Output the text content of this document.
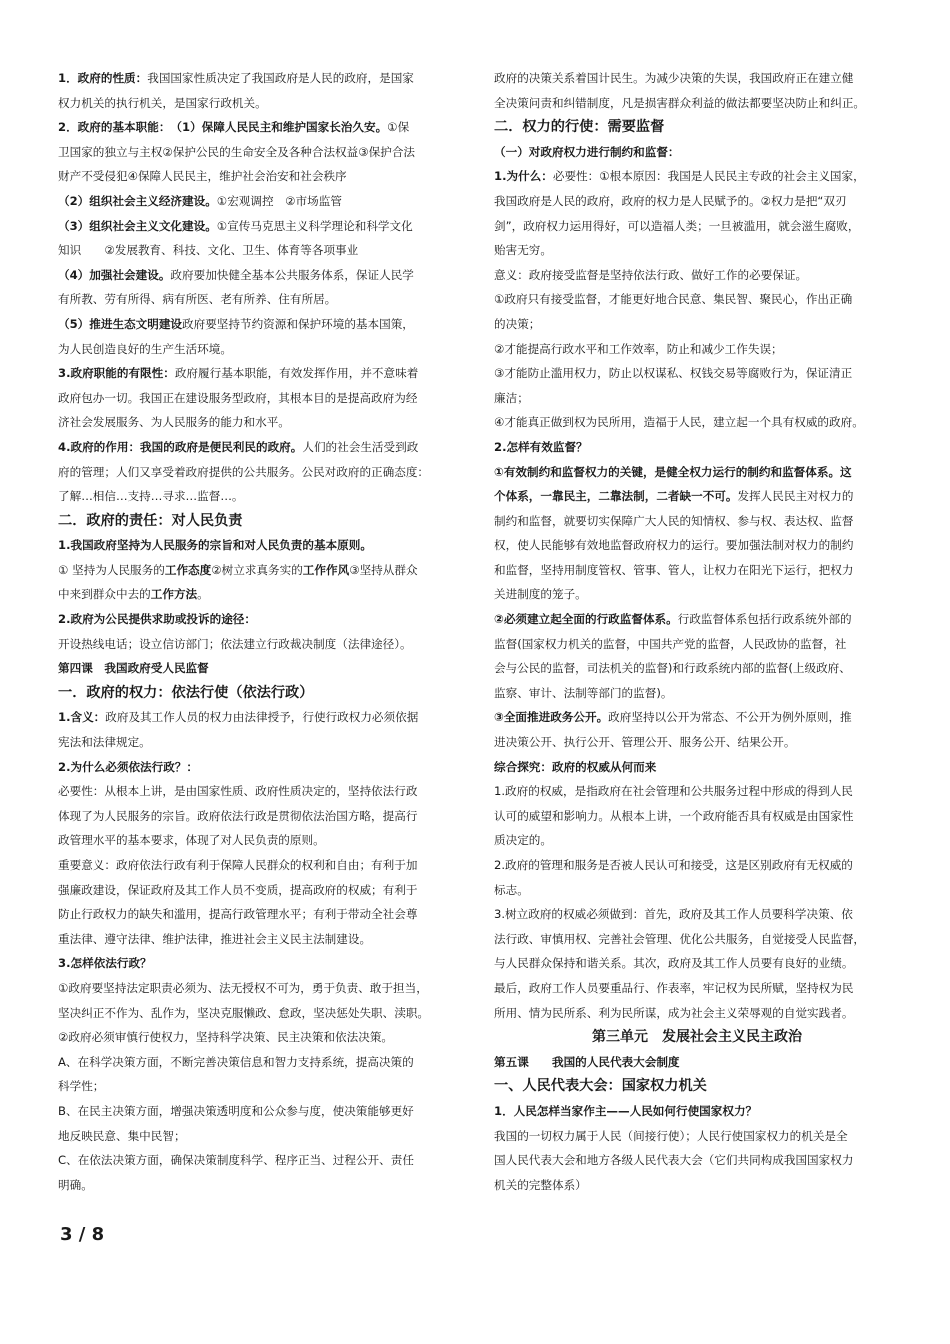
1．政府的性质：我国国家性质决定了我国政府是人民的政府，是国家

权力机关的执行机关，是国家行政机关。

2．政府的基本职能：　（1）保障人民民主和维护国家长治久安。①保

卫国家的独立与主权②保护公民的生命安全及各种合法权益③保护合法

财产不受侵犯④保障人民民主，维护社会治安和社会秩序

（2）组织社会主义经济建设。①宏观调控　②市场监管

（3）组织社会主义文化建设。①宣传马克思主义科学理论和科学文化

知识　　②发展教育、科技、文化、卫生、体育等各项事业

（4）加强社会建设。政府要加快健全基本公共服务体系，保证人民学

有所教、劳有所得、病有所医、老有所养、住有所居。

（5）推进生态文明建设政府要坚持节约资源和保护环境的基本国策，

为人民创造良好的生产生活环境。

3.政府职能的有限性：政府履行基本职能，有效发挥作用，并不意味着

政府包办一切。我国正在建设服务型政府，其根本目的是提高政府为经

济社会发展服务、为人民服务的能力和水平。

4.政府的作用：我国的政府是便民利民的政府。人们的社会生活受到政

府的管理；人们又享受着政府提供的公共服务。公民对政府的正确态度：

了解…相信…支持…寻求…监督…。

二．政府的责任：对人民负责

1.我国政府坚持为人民服务的宗旨和对人民负责的基本原则。

① 坚持为人民服务的工作态度②树立求真务实的工作作风③坚持从群众

中来到群众中去的工作方法。

2.政府为公民提供求助或投诉的途径：

开设热线电话；设立信访部门；依法建立行政裁决制度（法律途径）。

第四课　我国政府受人民监督

一．政府的权力：依法行使（依法行政）

1.含义：政府及其工作人员的权力由法律授予，行使行政权力必须依据

宪法和法律规定。

2.为什么必须依法行政？：

必要性：从根本上讲，是由国家性质、政府性质决定的，坚持依法行政

体现了为人民服务的宗旨。政府依法行政是贯彻依法治国方略，提高行

政管理水平的基本要求，体现了对人民负责的原则。

重要意义：政府依法行政有利于保障人民群众的权利和自由；有利于加

强廉政建设，保证政府及其工作人员不变质，提高政府的权威；有利于

防止行政权力的缺失和滥用，提高行政管理水平；有利于带动全社会尊

重法律、遵守法律、维护法律，推进社会主义民主法制建设。

3.怎样依法行政？

①政府要坚持法定职责必须为、法无授权不可为，勇于负责、敢于担当，

坚决纠正不作为、乱作为，坚决克服懒政、怠政，坚决惩处失职、渎职。

②政府必须审慎行使权力，坚持科学决策、民主决策和依法决策。

A、在科学决策方面，不断完善决策信息和智力支持系统，提高决策的

科学性；

B、在民主决策方面，增强决策透明度和公众参与度，使决策能够更好

地反映民意、集中民智；

C、在依法决策方面，确保决策制度科学、程序正当、过程公开、责任

明确。

政府的决策关系着国计民生。为减少决策的失误，我国政府正在建立健

全决策问责和纠错制度，凡是损害群众利益的做法都要坚决防止和纠正。

二．权力的行使：需要监督

（一）对政府权力进行制约和监督：

1.为什么：必要性：①根本原因：我国是人民民主专政的社会主义国家，

我国政府是人民的政府，政府的权力是人民赋予的。②权力是把“双刃

剑”，政府权力运用得好，可以造福人类；一旦被滥用，就会滋生腐败，

贻害无穷。

意义：政府接受监督是坚持依法行政、做好工作的必要保证。

①政府只有接受监督，才能更好地合民意、集民智、聚民心，作出正确

的决策；

②才能提高行政水平和工作效率，防止和减少工作失误；

③才能防止滥用权力，防止以权谋私、权钱交易等腐败行为，保证清正

廉洁；

④才能真正做到权为民所用，造福于人民，建立起一个具有权威的政府。

2.怎样有效监督？

①有效制约和监督权力的关键，是健全权力运行的制约和监督体系。这

个体系，一靠民主，二靠法制，二者缺一不可。发挥人民民主对权力的

制约和监督，就要切实保障广大人民的知情权、参与权、表达权、监督

权，使人民能够有效地监督政府权力的运行。要加强法制对权力的制约

和监督，坚持用制度管权、管事、管人，让权力在阳光下运行，把权力

关进制度的笼子。

②必须建立起全面的行政监督体系。行政监督体系包括行政系统外部的

监督(国家权力机关的监督，中国共产党的监督，人民政协的监督，社

会与公民的监督，司法机关的监督)和行政系统内部的监督(上级政府、

监察、审计、法制等部门的监督)。

③全面推进政务公开。政府坚持以公开为常态、不公开为例外原则，推

进决策公开、执行公开、管理公开、服务公开、结果公开。

综合探究：政府的权威从何而来

1.政府的权威，是指政府在社会管理和公共服务过程中形成的得到人民

认可的威望和影响力。从根本上讲，一个政府能否具有权威是由国家性

质决定的。

2.政府的管理和服务是否被人民认可和接受，这是区别政府有无权威的

标志。

3.树立政府的权威必须做到：首先，政府及其工作人员要科学决策、依

法行政、审慎用权、完善社会管理、优化公共服务，自觉接受人民监督，

与人民群众保持和谐关系。其次，政府及其工作人员要有良好的业绩。

最后，政府工作人员要重品行、作表率，牢记权为民所赋，坚持权为民

所用、情为民所系、利为民所谋，成为社会主义荣辱观的自觉实践者。

第三单元　发展社会主义民主政治

第五课　　我国的人民代表大会制度

一、人民代表大会：国家权力机关

1．人民怎样当家作主——人民如何行使国家权力？

我国的一切权力属于人民（间接行使）；人民行使国家权力的机关是全

国人民代表大会和地方各级人民代表大会（它们共同构成我国国家权力

机关的完整体系）

3 / 8
